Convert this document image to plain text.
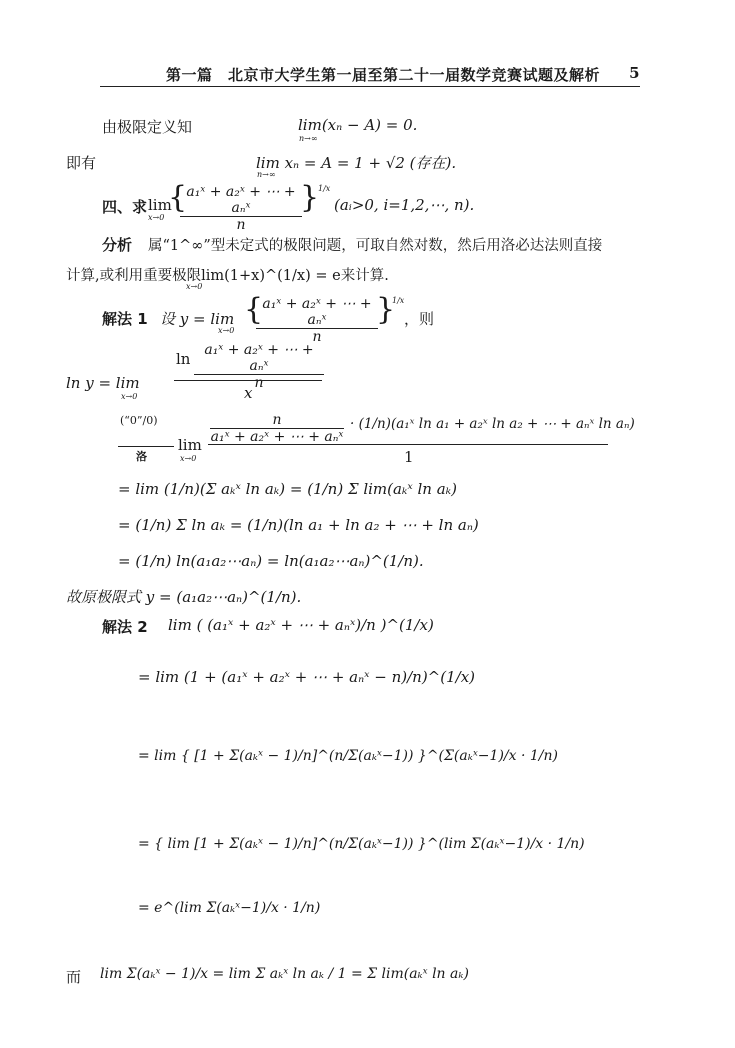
第一篇　北京市大学生第一届至第二十一届数学竞赛试题及解析 5
由极限定义知	lim(xₙ − A) = 0.
n→∞
即有	lim xₙ = A = 1 + √2 (存在).
n→∞
四、求 lim
x→0
{ a₁ˣ + a₂ˣ + ⋯ + aₙˣ
n
}
1/x
(aᵢ>0, i=1,2,⋯, n).
分析 属“1^∞”型未定式的极限问题，可取自然对数，然后用洛必达法则直接
计算,或利用重要极限lim(1+x)^(1/x) = e来计算.
x→0
解法 1 设 y = lim
x→0
{ a₁ˣ + a₂ˣ + ⋯ + aₙˣ
n
}
1/x
，则
ln y = lim
x→0
ln a₁ˣ + a₂ˣ + ⋯ + aₙˣ
n
x
(“0”/0)
洛
lim
x→0
n
a₁ˣ + a₂ˣ + ⋯ + aₙˣ
· (1/n)(a₁ˣ ln a₁ + a₂ˣ ln a₂ + ⋯ + aₙˣ ln aₙ)
1
= lim (1/n)(Σ aₖˣ ln aₖ) = (1/n) Σ lim(aₖˣ ln aₖ)
= (1/n) Σ ln aₖ = (1/n)(ln a₁ + ln a₂ + ⋯ + ln aₙ)
= (1/n) ln(a₁a₂⋯aₙ) = ln(a₁a₂⋯aₙ)^(1/n).
故原极限式 y = (a₁a₂⋯aₙ)^(1/n).
解法 2 lim ( (a₁ˣ + a₂ˣ + ⋯ + aₙˣ)/n )^(1/x)
= lim (1 + (a₁ˣ + a₂ˣ + ⋯ + aₙˣ − n)/n)^(1/x)
= lim { [1 + Σ(aₖˣ − 1)/n]^(n/Σ(aₖˣ−1)) }^(Σ(aₖˣ−1)/x · 1/n)
= { lim [1 + Σ(aₖˣ − 1)/n]^(n/Σ(aₖˣ−1)) }^(lim Σ(aₖˣ−1)/x · 1/n)
= e^(lim Σ(aₖˣ−1)/x · 1/n)
而 lim Σ(aₖˣ − 1)/x = lim Σ aₖˣ ln aₖ / 1 = Σ lim(aₖˣ ln aₖ)
